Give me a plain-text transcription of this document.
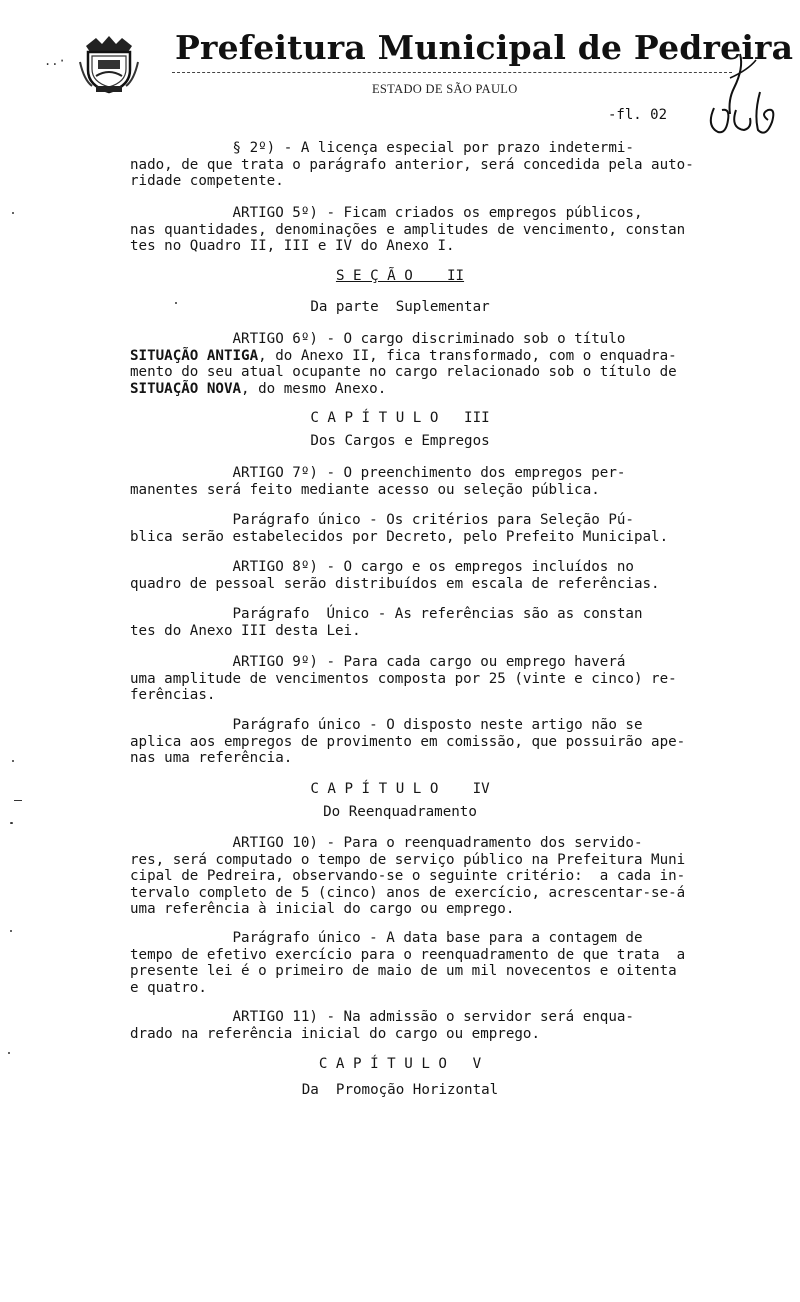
..·	Prefeitura Municipal de Pedreira
ESTADO DE SÃO PAULO
-fl. 02
§ 2º) - A licença especial por prazo indetermi-
nado, de que trata o parágrafo anterior, será concedida pela auto-
ridade competente.
ARTIGO 5º) - Ficam criados os empregos públicos,
nas quantidades, denominações e amplitudes de vencimento, constan
tes no Quadro II, III e IV do Anexo I.
S E Ç Ã O    II
Da parte  Suplementar
ARTIGO 6º) - O cargo discriminado sob o título
SITUAÇÃO ANTIGA, do Anexo II, fica transformado, com o enquadra-
mento do seu atual ocupante no cargo relacionado sob o título de
SITUAÇÃO NOVA, do mesmo Anexo.
C A P Í T U L O   III
Dos Cargos e Empregos
ARTIGO 7º) - O preenchimento dos empregos per-
manentes será feito mediante acesso ou seleção pública.
Parágrafo único - Os critérios para Seleção Pú-
blica serão estabelecidos por Decreto, pelo Prefeito Municipal.
ARTIGO 8º) - O cargo e os empregos incluídos no
quadro de pessoal serão distribuídos em escala de referências.
Parágrafo  Único - As referências são as constan
tes do Anexo III desta Lei.
ARTIGO 9º) - Para cada cargo ou emprego haverá
uma amplitude de vencimentos composta por 25 (vinte e cinco) re-
ferências.
Parágrafo único - O disposto neste artigo não se
aplica aos empregos de provimento em comissão, que possuirão ape-
nas uma referência.
C A P Í T U L O    IV
Do Reenquadramento
ARTIGO 10) - Para o reenquadramento dos servido-
res, será computado o tempo de serviço público na Prefeitura Muni
cipal de Pedreira, observando-se o seguinte critério:  a cada in-
tervalo completo de 5 (cinco) anos de exercício, acrescentar-se-á
uma referência à inicial do cargo ou emprego.
Parágrafo único - A data base para a contagem de
tempo de efetivo exercício para o reenquadramento de que trata  a
presente lei é o primeiro de maio de um mil novecentos e oitenta
e quatro.
ARTIGO 11) - Na admissão o servidor será enqua-
drado na referência inicial do cargo ou emprego.
C A P Í T U L O   V
Da  Promoção Horizontal
